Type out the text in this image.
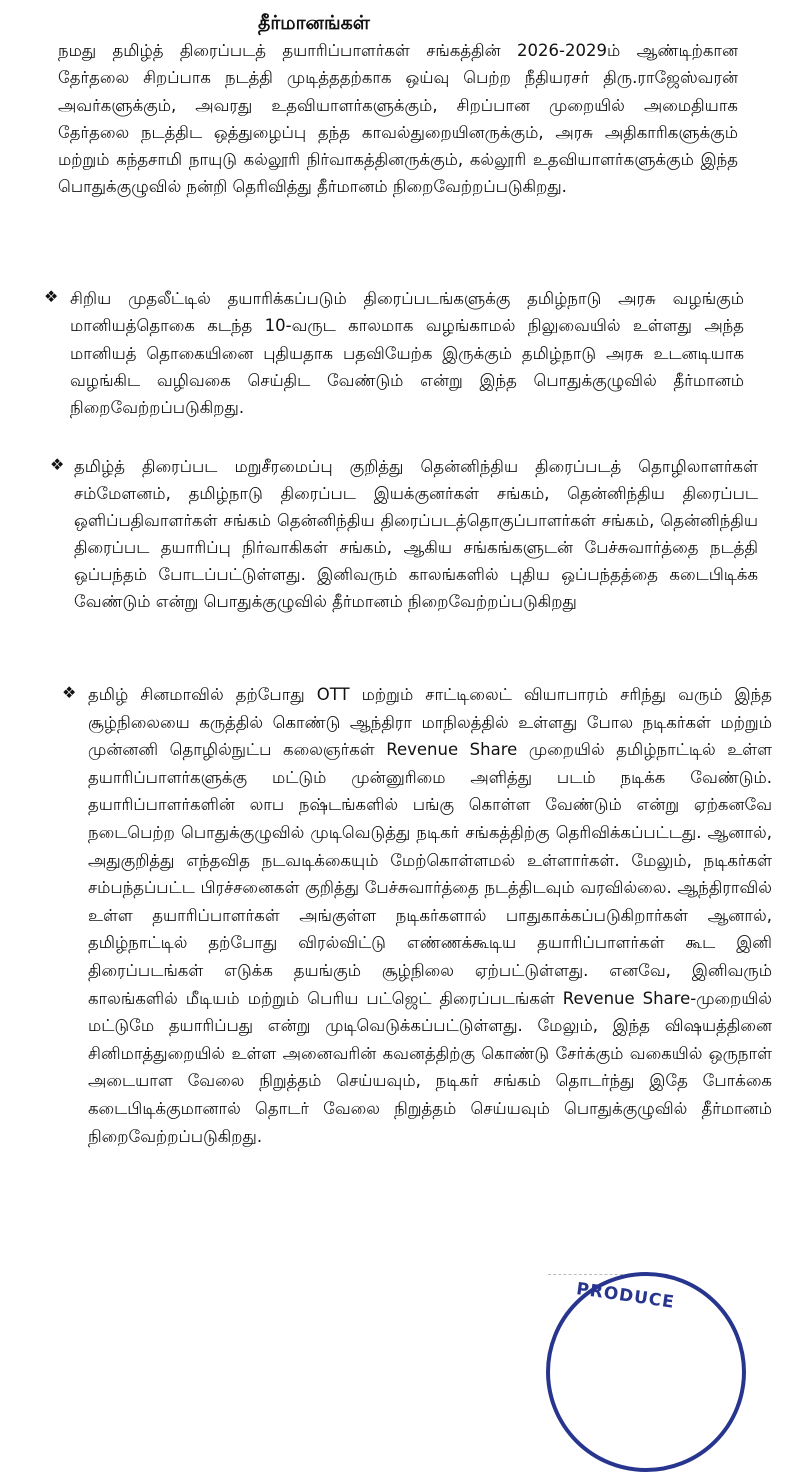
தீர்மானங்கள்
நமது தமிழ்த் திரைப்படத் தயாரிப்பாளர்கள் சங்கத்தின் 2026-2029ம் ஆண்டிற்கான தேர்தலை சிறப்பாக நடத்தி முடித்ததற்காக ஒய்வு பெற்ற நீதியரசர் திரு.ராஜேஸ்வரன் அவர்களுக்கும், அவரது உதவியாளர்களுக்கும், சிறப்பான முறையில் அமைதியாக தேர்தலை நடத்திட ஒத்துழைப்பு தந்த காவல்துறையினருக்கும், அரசு அதிகாரிகளுக்கும் மற்றும் கந்தசாமி நாயுடு கல்லூரி நிர்வாகத்தினருக்கும், கல்லூரி உதவியாளர்களுக்கும் இந்த பொதுக்குழுவில் நன்றி தெரிவித்து தீர்மானம் நிறைவேற்றப்படுகிறது.
❖ சிறிய முதலீட்டில் தயாரிக்கப்படும் திரைப்படங்களுக்கு தமிழ்நாடு அரசு வழங்கும் மானியத்தொகை கடந்த 10-வருட காலமாக வழங்காமல் நிலுவையில் உள்ளது அந்த மானியத் தொகையினை புதியதாக பதவியேற்க இருக்கும் தமிழ்நாடு அரசு உடனடியாக வழங்கிட வழிவகை செய்திட வேண்டும் என்று இந்த பொதுக்குழுவில் தீர்மானம் நிறைவேற்றப்படுகிறது.
❖ தமிழ்த் திரைப்பட மறுசீரமைப்பு குறித்து தென்னிந்திய திரைப்படத் தொழிலாளர்கள் சம்மேளனம், தமிழ்நாடு திரைப்பட இயக்குனர்கள் சங்கம், தென்னிந்திய திரைப்பட ஒளிப்பதிவாளர்கள் சங்கம் தென்னிந்திய திரைப்படத்தொகுப்பாளர்கள் சங்கம், தென்னிந்திய திரைப்பட தயாரிப்பு நிர்வாகிகள் சங்கம், ஆகிய சங்கங்களுடன் பேச்சுவார்த்தை நடத்தி ஒப்பந்தம் போடப்பட்டுள்ளது. இனிவரும் காலங்களில் புதிய ஒப்பந்தத்தை கடைபிடிக்க வேண்டும் என்று பொதுக்குழுவில் தீர்மானம் நிறைவேற்றப்படுகிறது
❖ தமிழ் சினமாவில் தற்போது OTT மற்றும் சாட்டிலைட் வியாபாரம் சரிந்து வரும் இந்த சூழ்நிலையை கருத்தில் கொண்டு ஆந்திரா மாநிலத்தில் உள்ளது போல நடிகர்கள் மற்றும் முன்னனி தொழில்நுட்ப கலைஞர்கள் Revenue Share முறையில் தமிழ்நாட்டில் உள்ள தயாரிப்பாளர்களுக்கு மட்டும் முன்னுரிமை அளித்து படம் நடிக்க வேண்டும். தயாரிப்பாளர்களின் லாப நஷ்டங்களில் பங்கு கொள்ள வேண்டும் என்று ஏற்கனவே நடைபெற்ற பொதுக்குழுவில் முடிவெடுத்து நடிகர் சங்கத்திற்கு தெரிவிக்கப்பட்டது. ஆனால், அதுகுறித்து எந்தவித நடவடிக்கையும் மேற்கொள்ளமல் உள்ளார்கள். மேலும், நடிகர்கள் சம்பந்தப்பட்ட பிரச்சனைகள் குறித்து பேச்சுவார்த்தை நடத்திடவும் வரவில்லை. ஆந்திராவில் உள்ள தயாரிப்பாளர்கள் அங்குள்ள நடிகர்களால் பாதுகாக்கப்படுகிறார்கள் ஆனால், தமிழ்நாட்டில் தற்போது விரல்விட்டு எண்ணக்கூடிய தயாரிப்பாளர்கள் கூட இனி திரைப்படங்கள் எடுக்க தயங்கும் சூழ்நிலை ஏற்பட்டுள்ளது. எனவே, இனிவரும் காலங்களில் மீடியம் மற்றும் பெரிய பட்ஜெட் திரைப்படங்கள் Revenue Share-முறையில் மட்டுமே தயாரிப்பது என்று முடிவெடுக்கப்பட்டுள்ளது. மேலும், இந்த விஷயத்தினை சினிமாத்துறையில் உள்ள அனைவரின் கவனத்திற்கு கொண்டு சேர்க்கும் வகையில் ஒருநாள் அடையாள வேலை நிறுத்தம் செய்யவும், நடிகர் சங்கம் தொடர்ந்து இதே போக்கை கடைபிடிக்குமானால் தொடர் வேலை நிறுத்தம் செய்யவும் பொதுக்குழுவில் தீர்மானம் நிறைவேற்றப்படுகிறது.
PRODUCE
